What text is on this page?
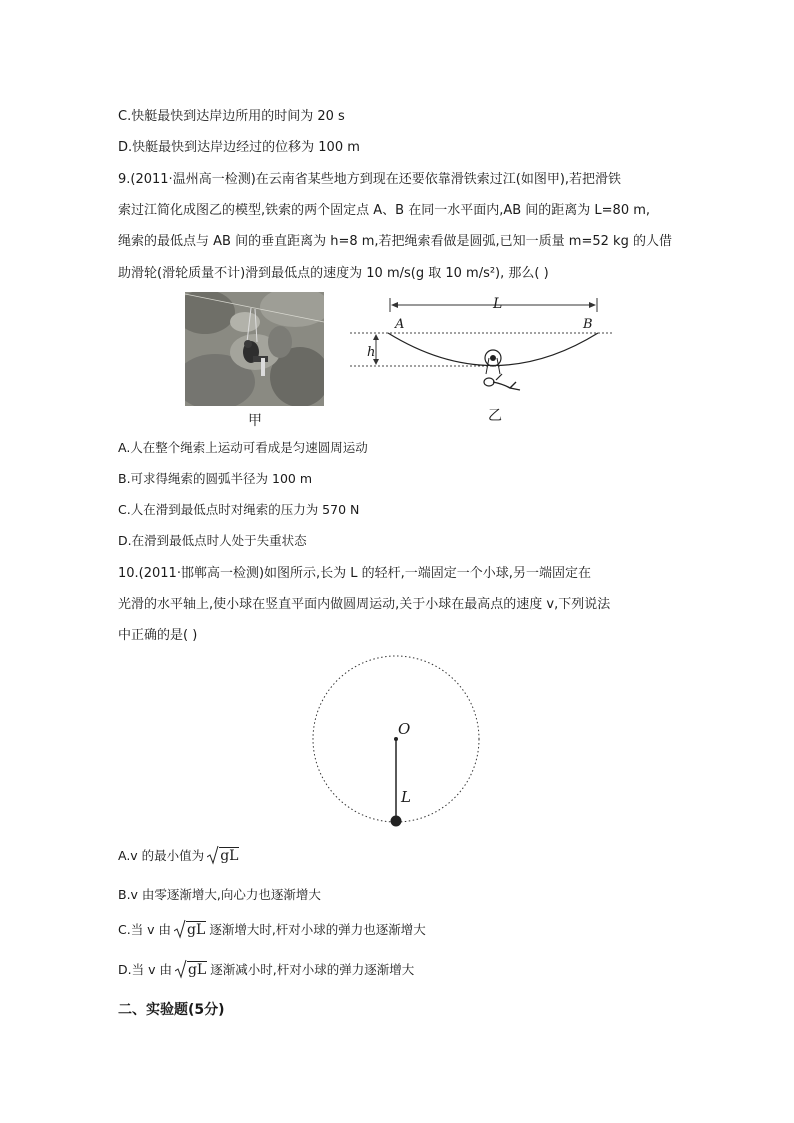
C.快艇最快到达岸边所用的时间为 20 s
D.快艇最快到达岸边经过的位移为 100 m
9.(2011·温州高一检测)在云南省某些地方到现在还要依靠滑铁索过江(如图甲),若把滑铁
索过江简化成图乙的模型,铁索的两个固定点 A、B 在同一水平面内,AB 间的距离为 L=80 m,
绳索的最低点与 AB 间的垂直距离为 h=8 m,若把绳索看做是圆弧,已知一质量 m=52 kg 的人借
助滑轮(滑轮质量不计)滑到最低点的速度为 10 m/s(g 取 10 m/s²), 那么( )
甲
L
A	B
h
乙
A.人在整个绳索上运动可看成是匀速圆周运动
B.可求得绳索的圆弧半径为 100 m
C.人在滑到最低点时对绳索的压力为 570 N
D.在滑到最低点时人处于失重状态
10.(2011·邯郸高一检测)如图所示,长为 L 的轻杆,一端固定一个小球,另一端固定在
光滑的水平轴上,使小球在竖直平面内做圆周运动,关于小球在最高点的速度 v,下列说法
中正确的是( )
O
L
A.v 的最小值为 gL
B.v 由零逐渐增大,向心力也逐渐增大
C.当 v 由 gL 逐渐增大时,杆对小球的弹力也逐渐增大
D.当 v 由 gL 逐渐减小时,杆对小球的弹力逐渐增大
二、实验题(5分)
